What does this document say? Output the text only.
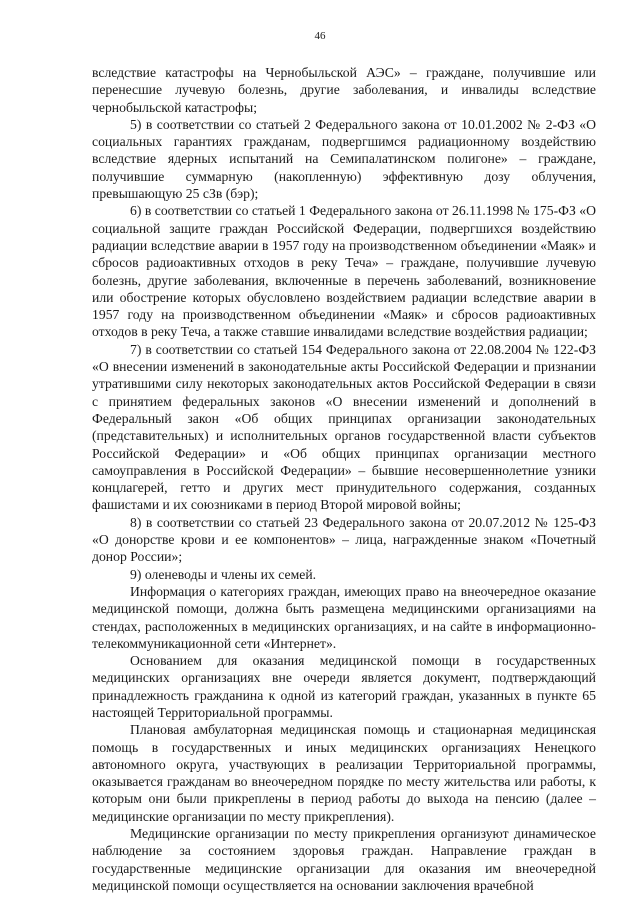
46

вследствие катастрофы на Чернобыльской АЭС» – граждане, получившие или перенесшие лучевую болезнь, другие заболевания, и инвалиды вследствие чернобыльской катастрофы;

5) в соответствии со статьей 2 Федерального закона от 10.01.2002 № 2-ФЗ «О социальных гарантиях гражданам, подвергшимся радиационному воздействию вследствие ядерных испытаний на Семипалатинском полигоне» – граждане, получившие суммарную (накопленную) эффективную дозу облучения, превышающую 25 сЗв (бэр);

6) в соответствии со статьей 1 Федерального закона от 26.11.1998 № 175-ФЗ «О социальной защите граждан Российской Федерации, подвергшихся воздействию радиации вследствие аварии в 1957 году на производственном объединении «Маяк» и сбросов радиоактивных отходов в реку Теча» – граждане, получившие лучевую болезнь, другие заболевания, включенные в перечень заболеваний, возникновение или обострение которых обусловлено воздействием радиации вследствие аварии в 1957 году на производственном объединении «Маяк» и сбросов радиоактивных отходов в реку Теча, а также ставшие инвалидами вследствие воздействия радиации;

7) в соответствии со статьей 154 Федерального закона от 22.08.2004 № 122-ФЗ «О внесении изменений в законодательные акты Российской Федерации и признании утратившими силу некоторых законодательных актов Российской Федерации в связи с принятием федеральных законов «О внесении изменений и дополнений в Федеральный закон «Об общих принципах организации законодательных (представительных) и исполнительных органов государственной власти субъектов Российской Федерации» и «Об общих принципах организации местного самоуправления в Российской Федерации» – бывшие несовершеннолетние узники концлагерей, гетто и других мест принудительного содержания, созданных фашистами и их союзниками в период Второй мировой войны;

8) в соответствии со статьей 23 Федерального закона от 20.07.2012 № 125-ФЗ «О донорстве крови и ее компонентов» – лица, награжденные знаком «Почетный донор России»;

9) оленеводы и члены их семей.

Информация о категориях граждан, имеющих право на внеочередное оказание медицинской помощи, должна быть размещена медицинскими организациями на стендах, расположенных в медицинских организациях, и на сайте в информационно-телекоммуникационной сети «Интернет».

Основанием для оказания медицинской помощи в государственных медицинских организациях вне очереди является документ, подтверждающий принадлежность гражданина к одной из категорий граждан, указанных в пункте 65 настоящей Территориальной программы.

Плановая амбулаторная медицинская помощь и стационарная медицинская помощь в государственных и иных медицинских организациях Ненецкого автономного округа, участвующих в реализации Территориальной программы, оказывается гражданам во внеочередном порядке по месту жительства или работы, к которым они были прикреплены в период работы до выхода на пенсию (далее – медицинские организации по месту прикрепления).

Медицинские организации по месту прикрепления организуют динамическое наблюдение за состоянием здоровья граждан. Направление граждан в государственные медицинские организации для оказания им внеочередной медицинской помощи осуществляется на основании заключения врачебной
